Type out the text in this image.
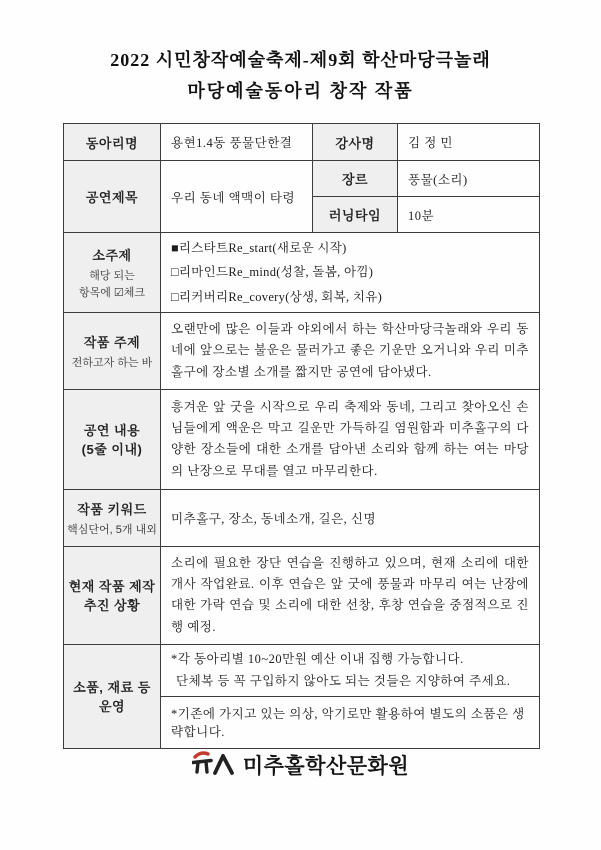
2022 시민창작예술축제-제9회 학산마당극놀래
마당예술동아리 창작 작품
동아리명	용현1.4동 풍물단한결	강사명	김 정 민
공연제목	우리 동네 액맥이 타령	장르	풍물(소리)
		러닝타임	10분

소주제
해당 되는
항목에 ☑체크	■리스타트Re_start(새로운 시작)
□리마인드Re_mind(성찰, 돌봄, 아낌)
□리커버리Re_covery(상생, 회복, 치유)		

작품 주제
전하고자 하는 바	오랜만에 많은 이들과 야외에서 하는 학산마당극놀래와 우리 동네에 앞으로는 불운은 물러가고 좋은 기운만 오거니와 우리 미추홀구에 장소별 소개를 짧지만 공연에 담아냈다.		

공연 내용
(5줄 이내)	흥겨운 앞 굿을 시작으로 우리 축제와 동네, 그리고 찾아오신 손님들에게 액운은 막고 길운만 가득하길 염원함과 미추홀구의 다양한 장소들에 대한 소개를 담아낸 소리와 함께 하는 여는 마당의 난장으로 무대를 열고 마무리한다.		

작품 키워드
핵심단어, 5개 내외	미추홀구, 장소, 동네소개, 길은, 신명		

현재 작품 제작
추진 상황	소리에 필요한 장단 연습을 진행하고 있으며, 현재 소리에 대한 개사 작업완료. 이후 연습은 앞 굿에 풍물과 마무리 여는 난장에 대한 가락 연습 및 소리에 대한 선창, 후창 연습을 중점적으로 진행 예정.		

소품, 재료 등
운영	*각 동아리별 10~20만원 예산 이내 집행 가능합니다.
단체복 등 꼭 구입하지 않아도 되는 것들은 지양하여 주세요.		

	*기존에 가지고 있는 의상, 악기로만 활용하여 별도의 소품은 생략합니다.		
미추홀학산문화원
